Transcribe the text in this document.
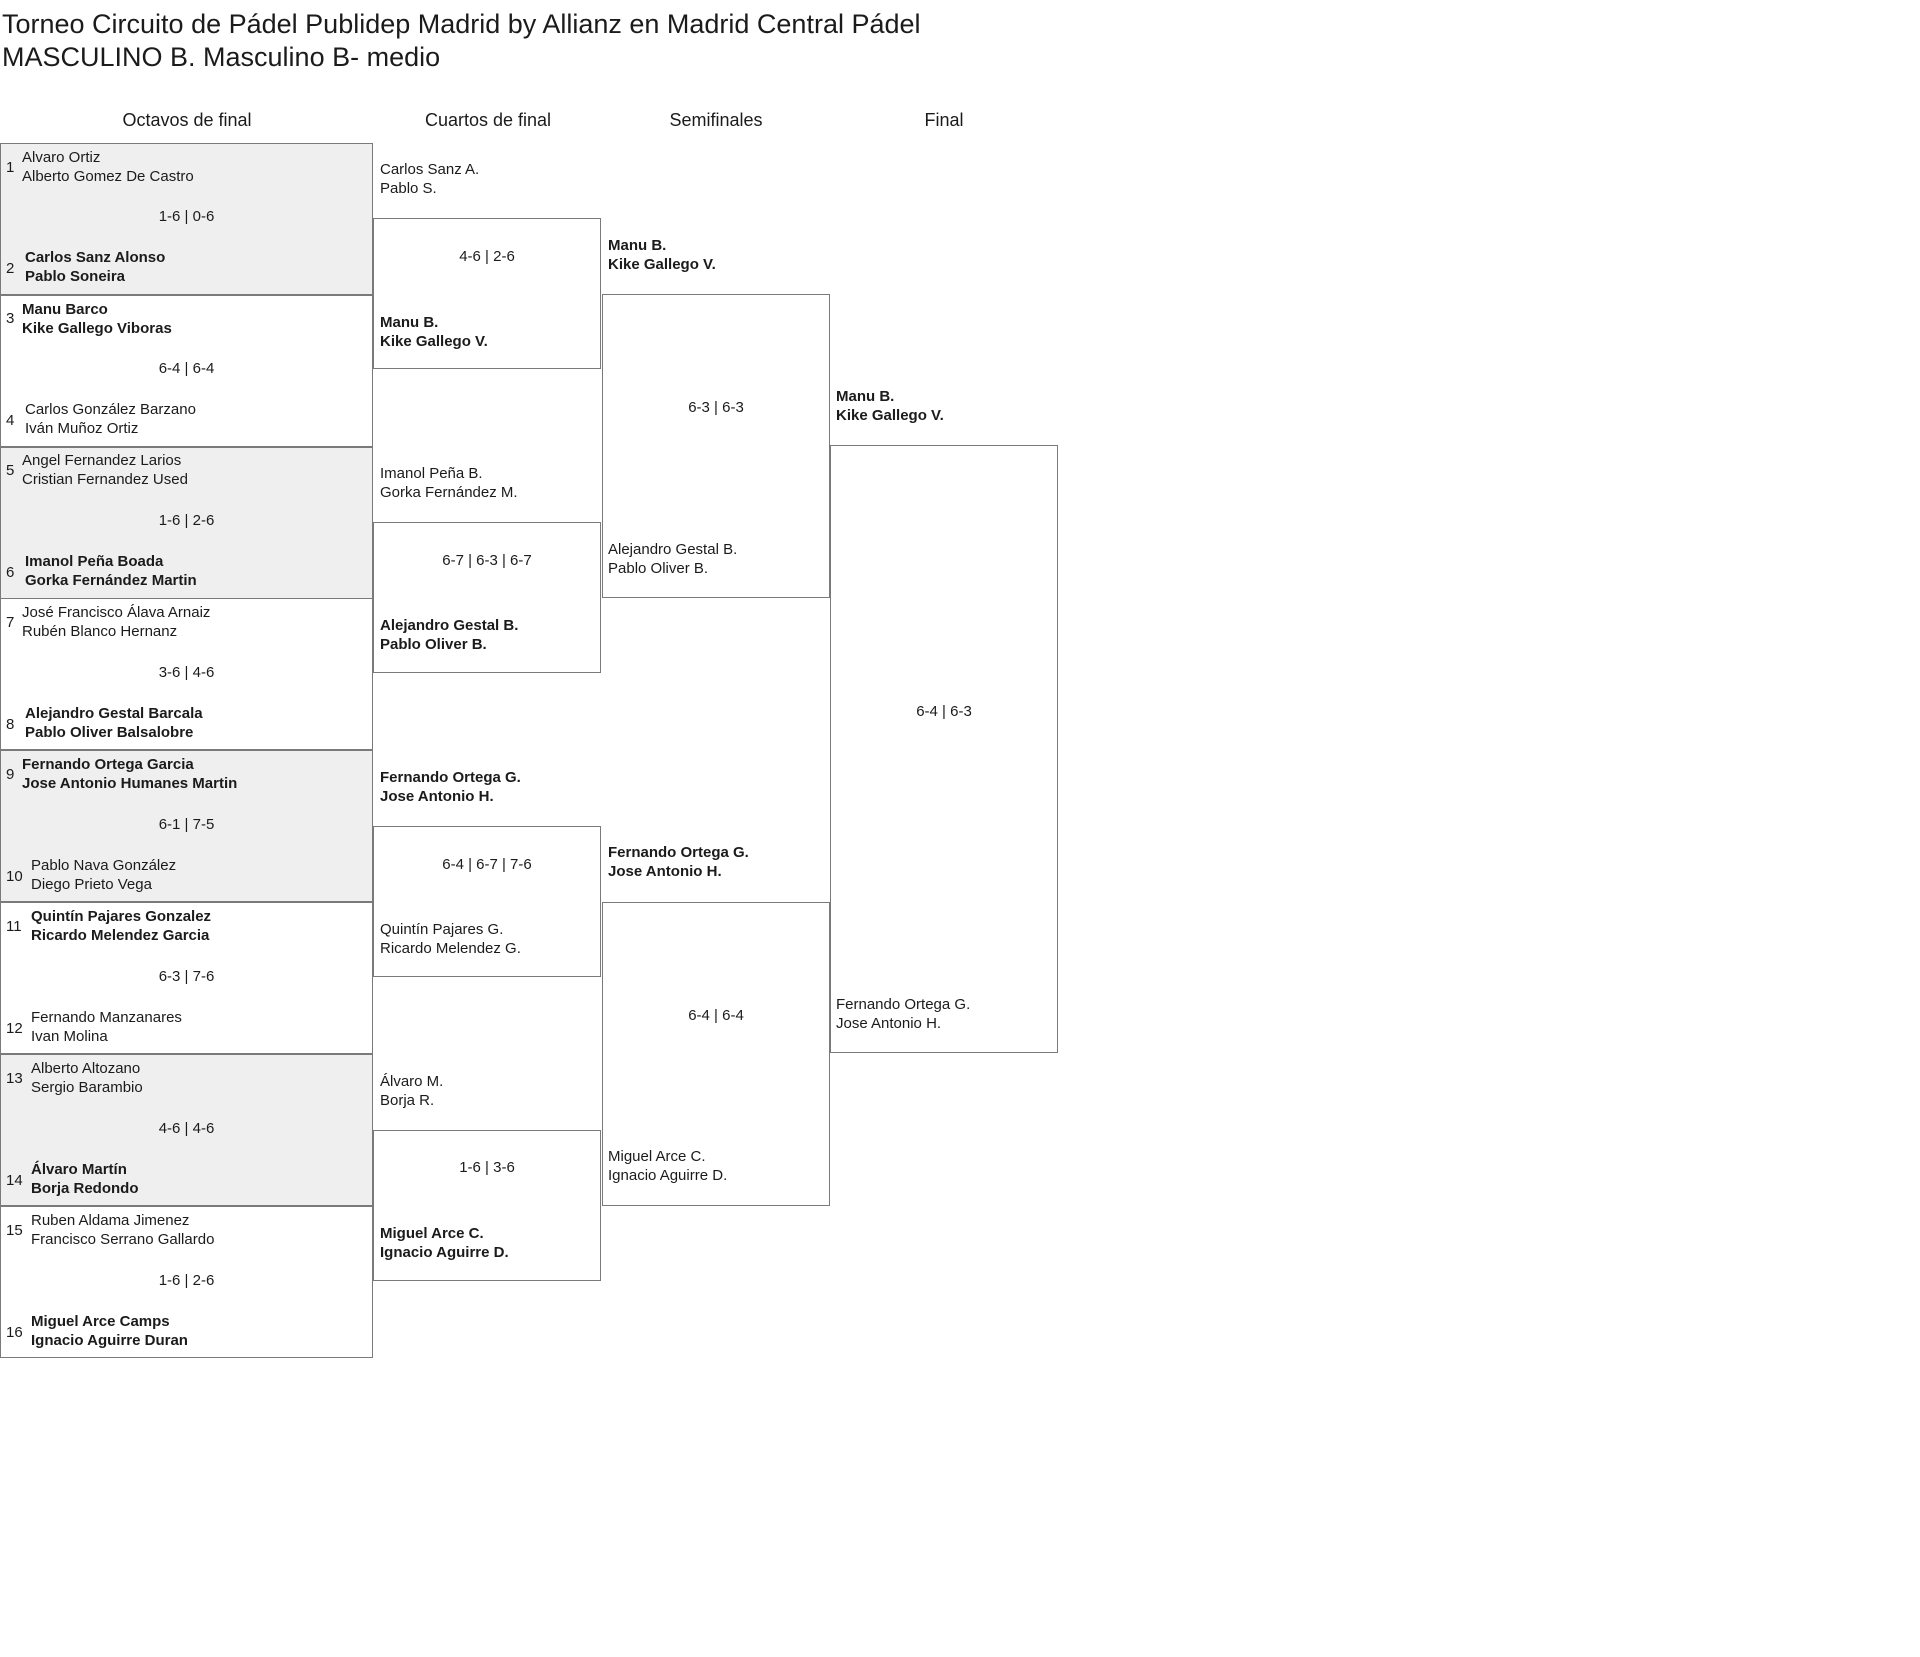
Torneo Circuito de Pádel Publidep Madrid by Allianz en Madrid Central Pádel
MASCULINO B. Masculino B- medio
Octavos de final	Cuartos de final	Semifinales	Final
1
Alvaro Ortiz
Alberto Gomez De Castro
1-6 | 0-6
2
Carlos Sanz Alonso
Pablo Soneira
3
Manu Barco
Kike Gallego Viboras
6-4 | 6-4
4
Carlos González Barzano
Iván Muñoz Ortiz
5
Angel Fernandez Larios
Cristian Fernandez Used
1-6 | 2-6
6
Imanol Peña Boada
Gorka Fernández Martin
7
José Francisco Álava Arnaiz
Rubén Blanco Hernanz
3-6 | 4-6
8
Alejandro Gestal Barcala
Pablo Oliver Balsalobre
9
Fernando Ortega Garcia
Jose Antonio Humanes Martin
6-1 | 7-5
10
Pablo Nava González
Diego Prieto Vega
11
Quintín Pajares Gonzalez
Ricardo Melendez Garcia
6-3 | 7-6
12
Fernando Manzanares
Ivan Molina
13
Alberto Altozano
Sergio Barambio
4-6 | 4-6
14
Álvaro Martín
Borja Redondo
15
Ruben Aldama Jimenez
Francisco Serrano Gallardo
1-6 | 2-6
16
Miguel Arce Camps
Ignacio Aguirre Duran
Carlos Sanz A.
Pablo S.
4-6 | 2-6
Manu B.
Kike Gallego V.
Imanol Peña B.
Gorka Fernández M.
6-7 | 6-3 | 6-7
Alejandro Gestal B.
Pablo Oliver B.
Fernando Ortega G.
Jose Antonio H.
6-4 | 6-7 | 7-6
Quintín Pajares G.
Ricardo Melendez G.
Álvaro M.
Borja R.
1-6 | 3-6
Miguel Arce C.
Ignacio Aguirre D.
Manu B.
Kike Gallego V.
6-3 | 6-3
Alejandro Gestal B.
Pablo Oliver B.
Fernando Ortega G.
Jose Antonio H.
6-4 | 6-4
Miguel Arce C.
Ignacio Aguirre D.
Manu B.
Kike Gallego V.
6-4 | 6-3
Fernando Ortega G.
Jose Antonio H.
